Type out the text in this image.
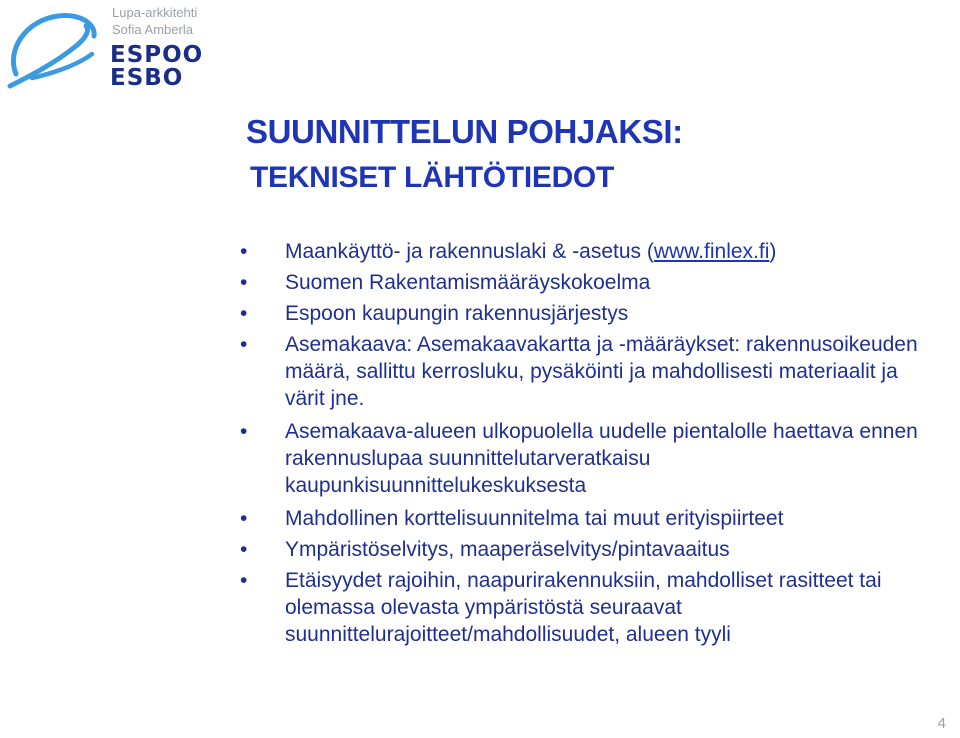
Lupa-arkkitehti
Sofia Amberla
ESPOO
ESBO
SUUNNITTELUN POHJAKSI:
TEKNISET LÄHTÖTIEDOT
• Maankäyttö- ja rakennuslaki & -asetus (www.finlex.fi)
• Suomen Rakentamismääräyskokoelma
• Espoon kaupungin rakennusjärjestys
• Asemakaava: Asemakaavakartta ja -määräykset: rakennusoikeuden määrä, sallittu kerrosluku, pysäköinti ja mahdollisesti materiaalit ja värit jne.
• Asemakaava-alueen ulkopuolella uudelle pientalolle haettava ennen rakennuslupaa suunnittelutarveratkaisu kaupunkisuunnittelukeskuksesta
• Mahdollinen korttelisuunnitelma tai muut erityispiirteet
• Ympäristöselvitys, maaperäselvitys/pintavaaitus
• Etäisyydet rajoihin, naapurirakennuksiin, mahdolliset rasitteet tai olemassa olevasta ympäristöstä seuraavat suunnittelurajoitteet/mahdollisuudet, alueen tyyli
4
